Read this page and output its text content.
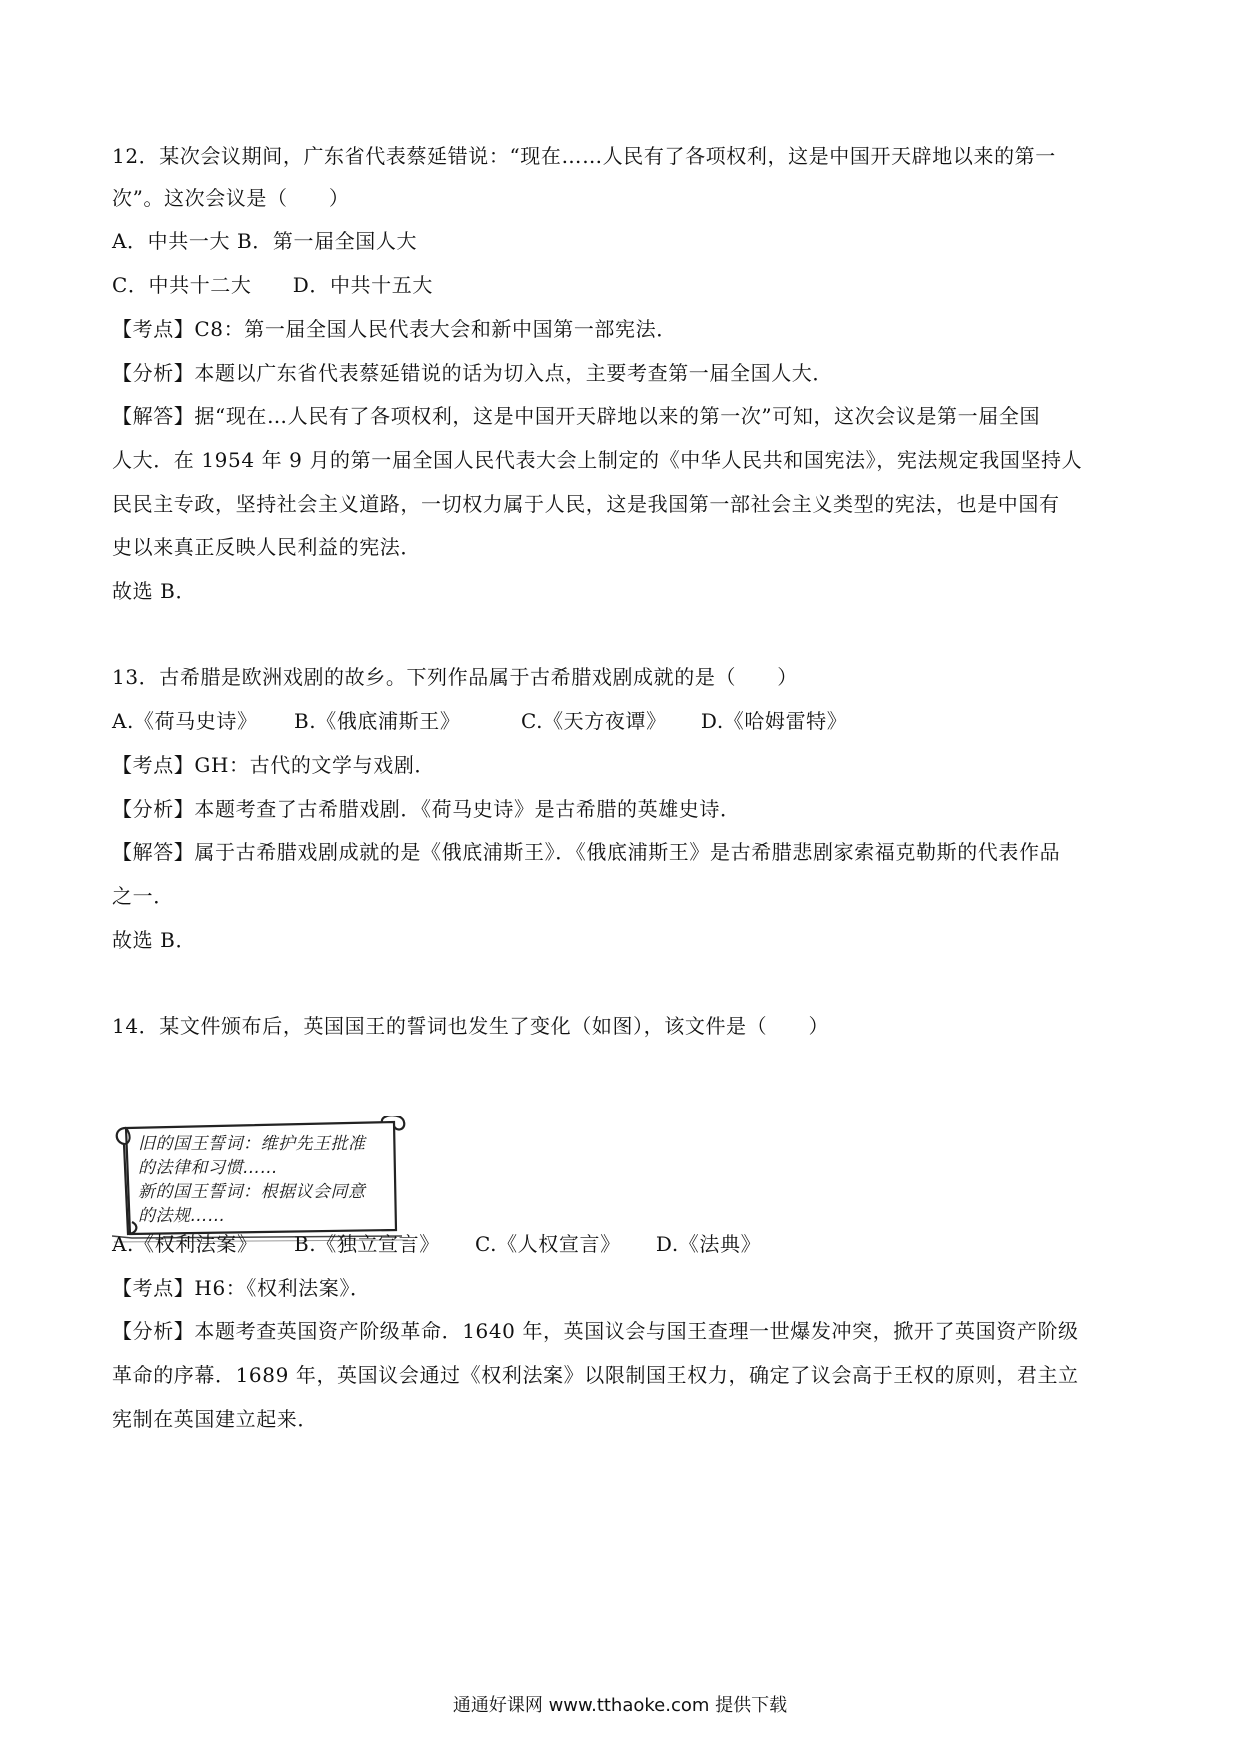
12．某次会议期间，广东省代表蔡延错说：“现在……人民有了各项权利，这是中国开天辟地以来的第一
次”。这次会议是（　　）
A．中共一大 B．第一届全国人大
C．中共十二大　　D．中共十五大
【考点】C8：第一届全国人民代表大会和新中国第一部宪法．
【分析】本题以广东省代表蔡延错说的话为切入点，主要考查第一届全国人大．
【解答】据“现在…人民有了各项权利，这是中国开天辟地以来的第一次”可知，这次会议是第一届全国
人大．在 1954 年 9 月的第一届全国人民代表大会上制定的《中华人民共和国宪法》，宪法规定我国坚持人
民民主专政，坚持社会主义道路，一切权力属于人民，这是我国第一部社会主义类型的宪法，也是中国有
史以来真正反映人民利益的宪法．
故选 B．
13．古希腊是欧洲戏剧的故乡。下列作品属于古希腊戏剧成就的是（　　）
A.《荷马史诗》 B.《俄底浦斯王》	C.《天方夜谭》 D.《哈姆雷特》
【考点】GH：古代的文学与戏剧．
【分析】本题考查了古希腊戏剧．《荷马史诗》是古希腊的英雄史诗．
【解答】属于古希腊戏剧成就的是《俄底浦斯王》．《俄底浦斯王》是古希腊悲剧家索福克勒斯的代表作品
之一．
故选 B．
14．某文件颁布后，英国国王的誓词也发生了变化（如图），该文件是（　　）
旧的国王誓词：维护先王批准
的法律和习惯……
新的国王誓词：根据议会同意
的法规……
A.《权利法案》 B.《独立宣言》 C.《人权宣言》 D.《法典》
【考点】H6：《权利法案》．
【分析】本题考查英国资产阶级革命．1640 年，英国议会与国王查理一世爆发冲突，掀开了英国资产阶级
革命的序幕．1689 年，英国议会通过《权利法案》以限制国王权力，确定了议会高于王权的原则，君主立
宪制在英国建立起来．
通通好课网 www.tthaoke.com 提供下载
